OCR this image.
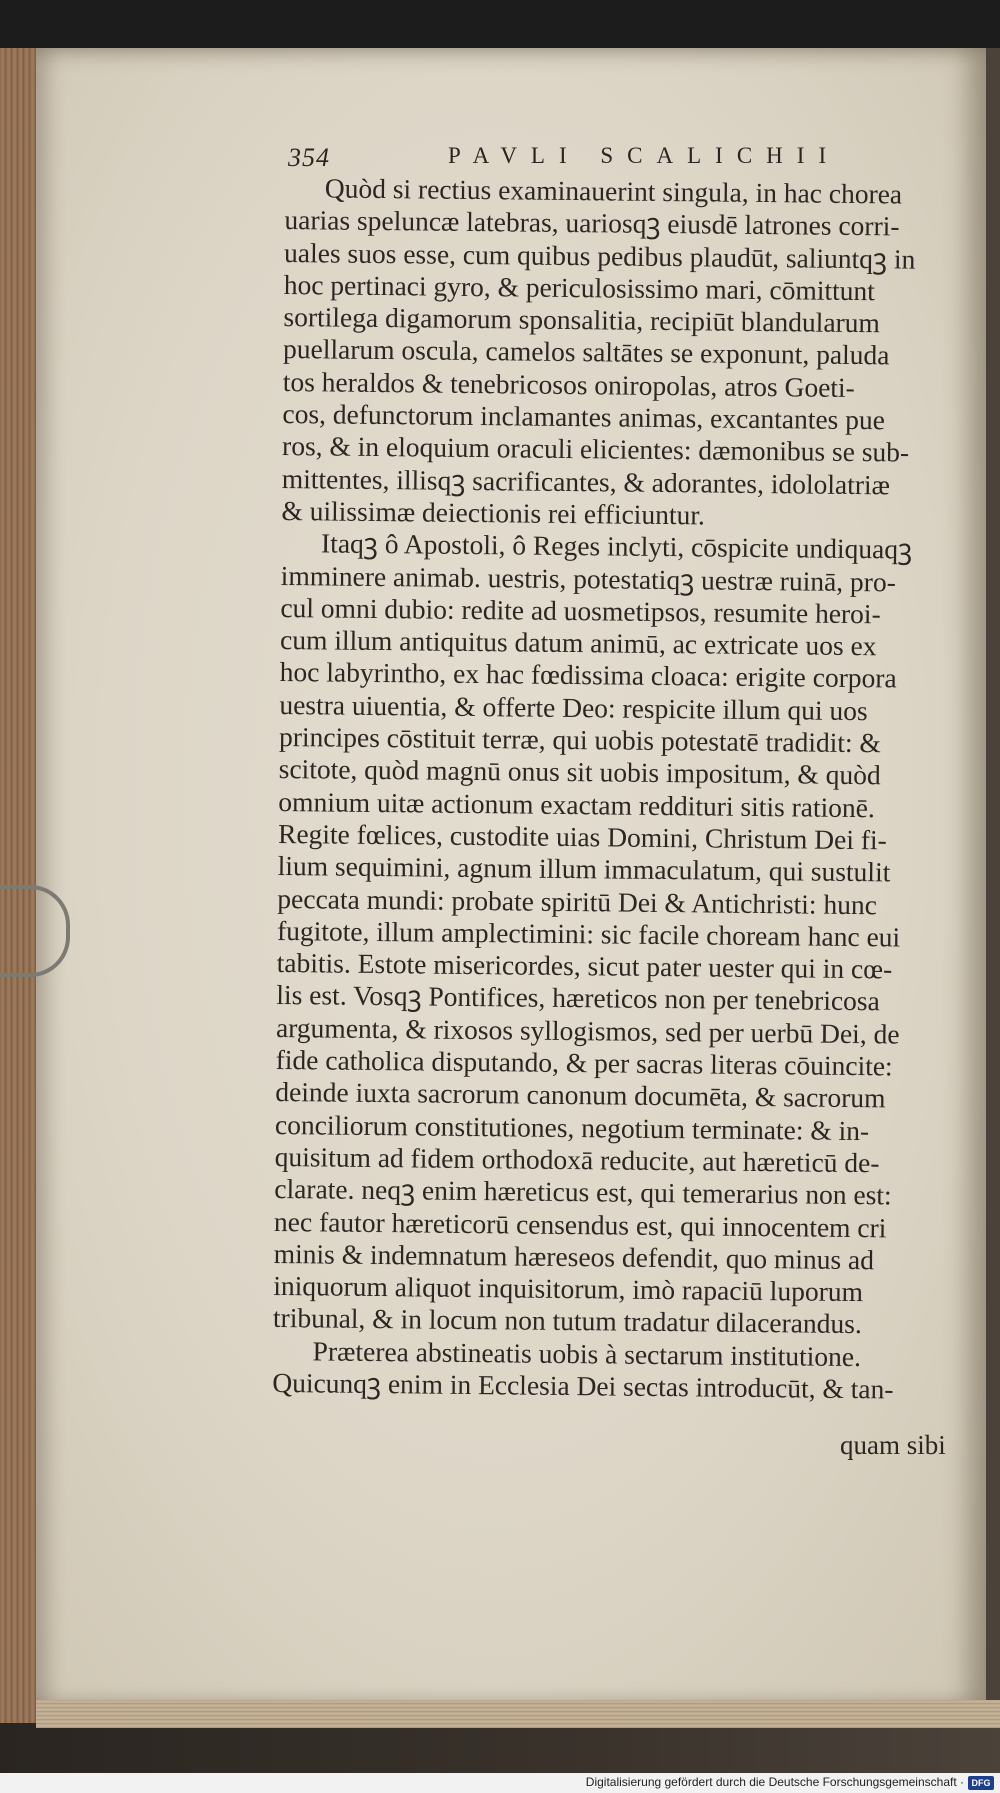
354	PAVLI SCALICHII
Quòd si rectius examinauerint singula, in hac chorea
uarias speluncæ latebras, uariosqꝫ eiusdē latrones corri-
uales suos esse, cum quibus pedibus plaudūt, saliuntqꝫ in
hoc pertinaci gyro, & periculosissimo mari, cōmittunt
sortilega digamorum sponsalitia, recipiūt blandularum
puellarum oscula, camelos saltātes se exponunt, paluda
tos heraldos & tenebricosos oniropolas, atros Goeti-
cos, defunctorum inclamantes animas, excantantes pue
ros, & in eloquium oraculi elicientes: dæmonibus se sub-
mittentes, illisqꝫ sacrificantes, & adorantes, idololatriæ
& uilissimæ deiectionis rei efficiuntur.
Itaqꝫ ô Apostoli, ô Reges inclyti, cōspicite undiquaqꝫ
imminere animab. uestris, potestatiqꝫ uestræ ruinā, pro-
cul omni dubio: redite ad uosmetipsos, resumite heroi-
cum illum antiquitus datum animū, ac extricate uos ex
hoc labyrintho, ex hac fœdissima cloaca: erigite corpora
uestra uiuentia, & offerte Deo: respicite illum qui uos
principes cōstituit terræ, qui uobis potestatē tradidit: &
scitote, quòd magnū onus sit uobis impositum, & quòd
omnium uitæ actionum exactam reddituri sitis rationē.
Regite fœlices, custodite uias Domini, Christum Dei fi-
lium sequimini, agnum illum immaculatum, qui sustulit
peccata mundi: probate spiritū Dei & Antichristi: hunc
fugitote, illum amplectimini: sic facile choream hanc eui
tabitis. Estote misericordes, sicut pater uester qui in cœ-
lis est. Vosqꝫ Pontifices, hæreticos non per tenebricosa
argumenta, & rixosos syllogismos, sed per uerbū Dei, de
fide catholica disputando, & per sacras literas cōuincite:
deinde iuxta sacrorum canonum documēta, & sacrorum
conciliorum constitutiones, negotium terminate: & in-
quisitum ad fidem orthodoxā reducite, aut hæreticū de-
clarate. neqꝫ enim hæreticus est, qui temerarius non est:
nec fautor hæreticorū censendus est, qui innocentem cri
minis & indemnatum hæreseos defendit, quo minus ad
iniquorum aliquot inquisitorum, imò rapaciū luporum
tribunal, & in locum non tutum tradatur dilacerandus.
Præterea abstineatis uobis à sectarum institutione.
Quicunqꝫ enim in Ecclesia Dei sectas introducūt, & tan-
quam sibi
Digitalisierung gefördert durch die Deutsche Forschungsgemeinschaft · DFG
